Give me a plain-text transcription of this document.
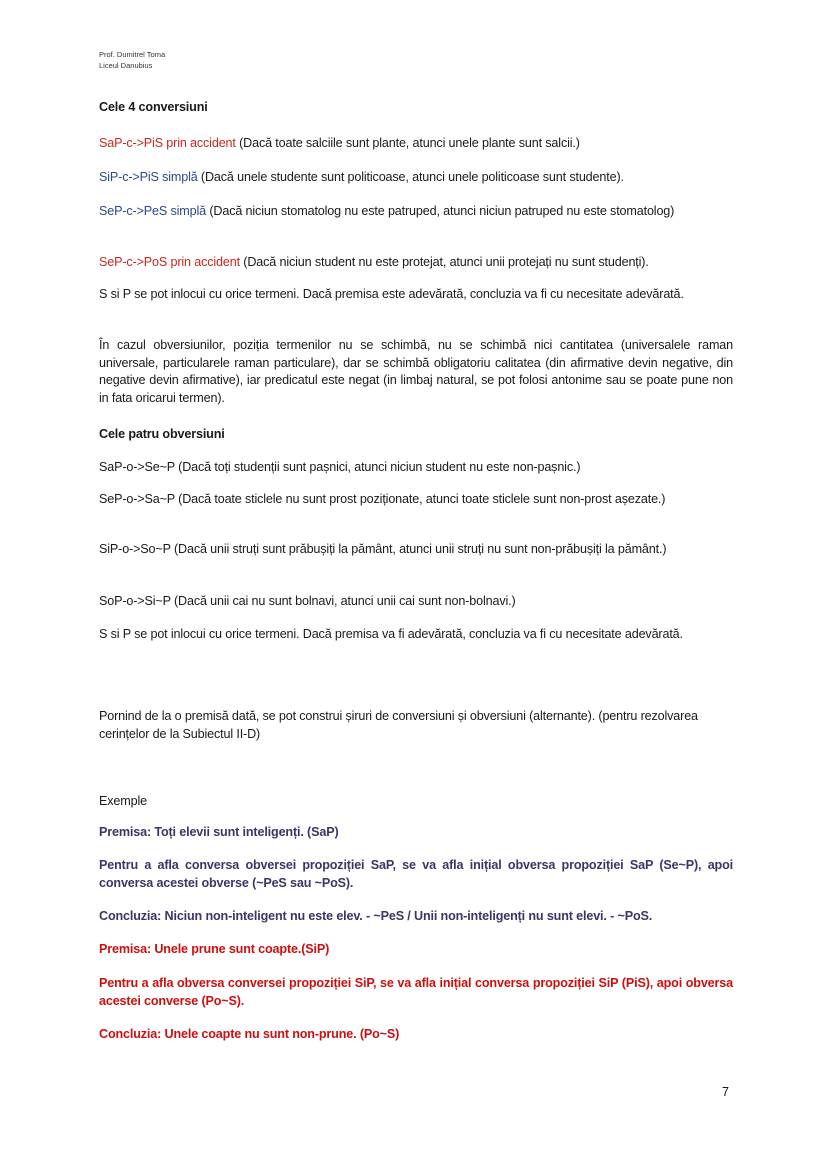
Prof. Dumitrel Toma
Liceul Danubius
Cele 4 conversiuni
SaP-c->PiS prin accident (Dacă toate salciile sunt plante, atunci unele plante sunt salcii.)
SiP-c->PiS simplă (Dacă unele studente sunt politicoase, atunci unele politicoase sunt studente).
SeP-c->PeS simplă (Dacă niciun stomatolog nu este patruped, atunci niciun patruped nu este stomatolog)
SeP-c->PoS prin accident (Dacă niciun student nu este protejat, atunci unii protejați nu sunt studenți).
S si P se pot inlocui cu orice termeni. Dacă premisa este adevărată, concluzia va fi cu necesitate adevărată.
În cazul obversiunilor, poziția termenilor nu se schimbă, nu se schimbă nici cantitatea (universalele raman universale, particularele raman particulare), dar se schimbă obligatoriu calitatea (din afirmative devin negative, din negative devin afirmative), iar predicatul este negat (in limbaj natural, se pot folosi antonime sau se poate pune non in fata oricarui termen).
Cele patru obversiuni
SaP-o->Se~P (Dacă toți studenții sunt pașnici, atunci niciun student nu este non-pașnic.)
SeP-o->Sa~P (Dacă toate sticlele nu sunt prost poziționate, atunci toate sticlele sunt non-prost așezate.)
SiP-o->So~P (Dacă unii struți sunt prăbușiți la pământ, atunci unii struți nu sunt non-prăbușiți la pământ.)
SoP-o->Si~P (Dacă unii cai nu sunt bolnavi, atunci unii cai sunt non-bolnavi.)
S si P se pot inlocui cu orice termeni. Dacă premisa va fi adevărată, concluzia va fi cu necesitate adevărată.
Pornind de la o premisă dată, se pot construi șiruri de conversiuni și obversiuni (alternante). (pentru rezolvarea cerințelor de la Subiectul II-D)
Exemple
Premisa: Toți elevii sunt inteligenți. (SaP)
Pentru a afla conversa obversei propoziției SaP, se va afla inițial obversa propoziției SaP (Se~P), apoi conversa acestei obverse (~PeS sau ~PoS).
Concluzia: Niciun non-inteligent nu este elev. - ~PeS / Unii non-inteligenți nu sunt elevi. - ~PoS.
Premisa: Unele prune sunt coapte.(SiP)
Pentru a afla obversa conversei propoziției SiP, se va afla inițial conversa propoziției SiP (PiS), apoi obversa acestei converse (Po~S).
Concluzia: Unele coapte nu sunt non-prune. (Po~S)
7
